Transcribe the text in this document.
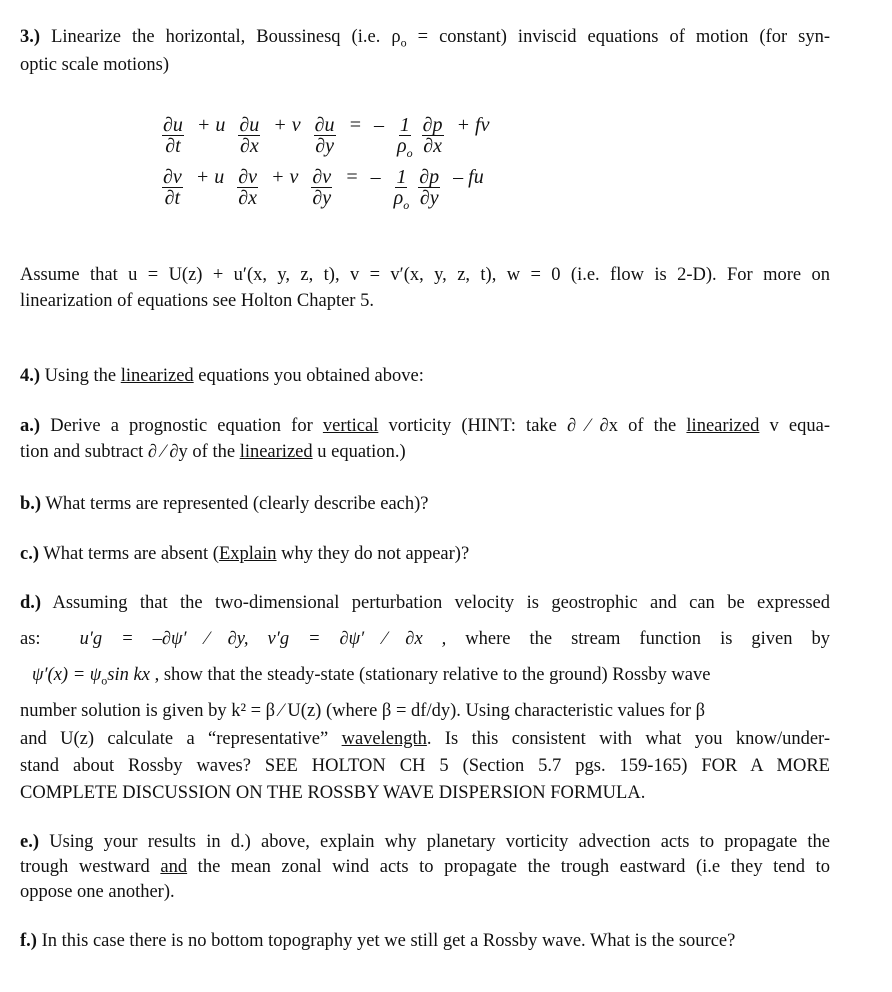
3.) Linearize the horizontal, Boussinesq (i.e. $\rho_o$ = constant) inviscid equations of motion (for syn-
optic scale motions)
$\frac{\partial u}{\partial t} + u \frac{\partial u}{\partial x} + v \frac{\partial u}{\partial y}$ = – $\frac{1}{\rho_o}$
$\frac{\partial p}{\partial x}$ + fv
$\frac{\partial v}{\partial t} + u \frac{\partial v}{\partial x} + v \frac{\partial v}{\partial y}$ = – $\frac{1}{\rho_o}$
$\frac{\partial p}{\partial y}$ – fu
Assume that u = U(z) + u′(x, y, z, t), v = v′(x, y, z, t), w = 0 (i.e. flow is 2-D). For more on
linearization of equations see Holton Chapter 5.
4.) Using the linearized equations you obtained above:
a.) Derive a prognostic equation for vertical vorticity (HINT: take ∂ ⁄ ∂x of the linearized v equa-
tion and subtract ∂ ⁄ ∂y of the linearized u equation.)
b.) What terms are represented (clearly describe each)?
c.) What terms are absent (Explain why they do not appear)?
d.) Assuming that the two-dimensional perturbation velocity is geostrophic and can be expressed
as: u′g = –∂ψ′ ⁄ ∂y, v′g = ∂ψ′ ⁄ ∂x , where the stream function is given by
$\psi'(x) = \psi_o\sin$ kx , show that the steady-state (stationary relative to the ground) Rossby wave
number solution is given by k² = β ⁄ U(z) (where β = df/dy). Using characteristic values for β
and U(z) calculate a “representative” wavelength. Is this consistent with what you know/under-
stand about Rossby waves? SEE HOLTON CH 5 (Section 5.7 pgs. 159-165) FOR A MORE
COMPLETE DISCUSSION ON THE ROSSBY WAVE DISPERSION FORMULA.
e.) Using your results in d.) above, explain why planetary vorticity advection acts to propagate the
trough westward and the mean zonal wind acts to propagate the trough eastward (i.e they tend to
oppose one another).
f.) In this case there is no bottom topography yet we still get a Rossby wave. What is the source?
